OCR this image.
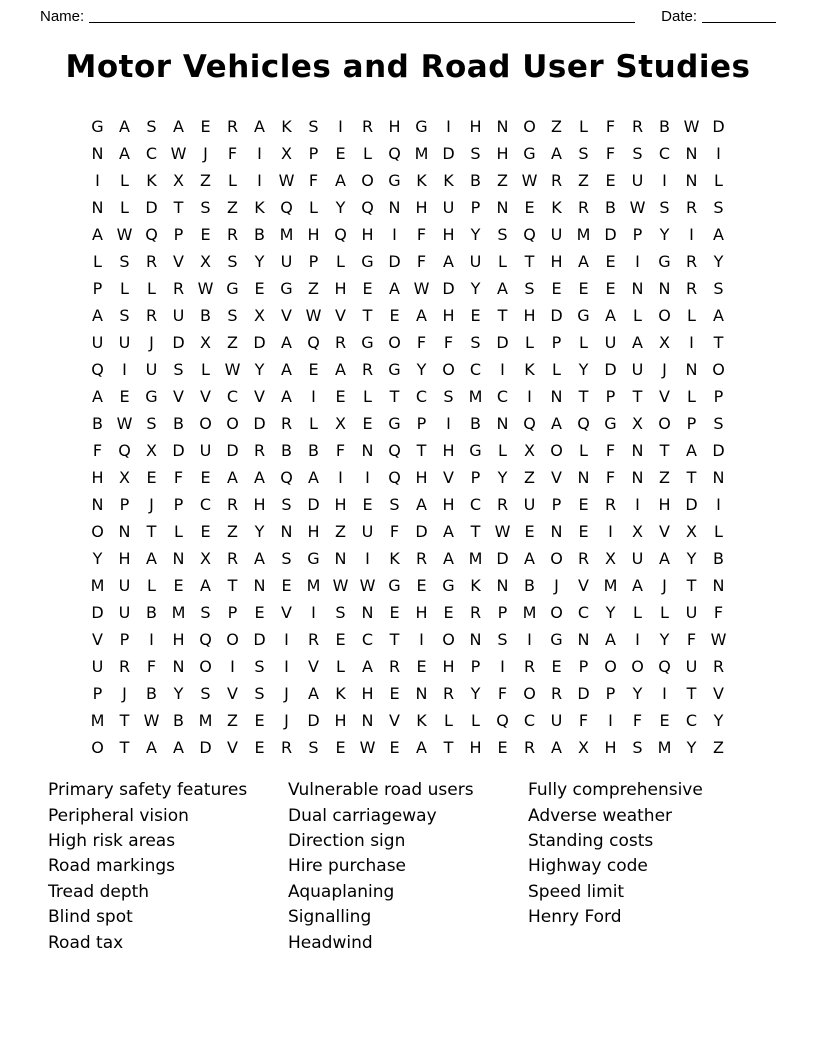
Name:	Date:
Motor Vehicles and Road User Studies
G A	S	A	E	R A	K	S	I	R H G	I	H N O Z	L	F	R B W D
N A C W	J	F	I	X	P	E	L	Q M D S H G A	S	F	S	C N	I
I	L	K	X	Z	L	I	W F	A O G K	K	B	Z W R Z	E	U	I	N	L
N	L	D T	S	Z	K Q	L	Y Q N H U	P	N E	K	R B W S	R	S
A W Q P	E	R B M H Q H	I	F	H	Y	S Q U M D	P	Y	I	A
L	S	R V	X	S	Y	U	P	L	G D	F	A U	L	T	H A	E	I	G R	Y
P	L	L	R W G E G Z H E	A W D Y	A	S	E	E	E N N R	S
A	S	R U B	S	X	V W V	T	E	A H E	T	H D G A	L	O	L	A
U U	J	D X	Z D A Q R G O	F	F	S D	L	P	L	U A	X	I	T
Q	I	U	S	L W Y	A	E	A R G Y O C	I	K	L	Y D U	J	N O
A	E G V	V C V	A	I	E	L	T	C	S M C	I	N	T	P	T	V	L	P
B W S	B O O D R	L	X	E G P	I	B N Q A Q G X O P	S
F	Q X D U D R B	B	F	N Q T	H G	L	X O	L	F	N	T	A D
H X	E	F	E	A	A Q A	I	I	Q H V	P	Y	Z	V N	F	N Z	T	N
N	P	J	P	C R H S D H E	S	A H C R U	P	E	R	I	H D	I
O N	T	L	E	Z	Y	N H Z U	F	D A	T W E N E	I	X	V	X	L
Y	H A N X R A	S G N	I	K	R A M D A O R X U A	Y	B
M U	L	E	A	T	N E M W W G E G K N B	J	V M A	J	T	N
D U B M S	P	E	V	I	S N E H E	R	P M O C	Y	L	L	U	F
V	P	I	H Q O D	I	R	E	C	T	I	O N S	I	G N A	I	Y	F W
U R	F	N O	I	S	I	V	L	A R	E H	P	I	R	E	P O O Q U R
P	J	B	Y	S	V	S	J	A	K H E N R	Y	F	O R D	P	Y	I	T	V
M T W B M Z	E	J	D H N V	K	L	L	Q C U	F	I	F	E	C	Y
O T	A	A D V	E	R	S	E W E	A	T	H E	R A	X H S M Y	Z
Primary safety features
Peripheral vision
High risk areas
Road markings
Tread depth
Blind spot
Road tax
Vulnerable road users
Dual carriageway
Direction sign
Hire purchase
Aquaplaning
Signalling
Headwind
Fully comprehensive
Adverse weather
Standing costs
Highway code
Speed limit
Henry Ford
